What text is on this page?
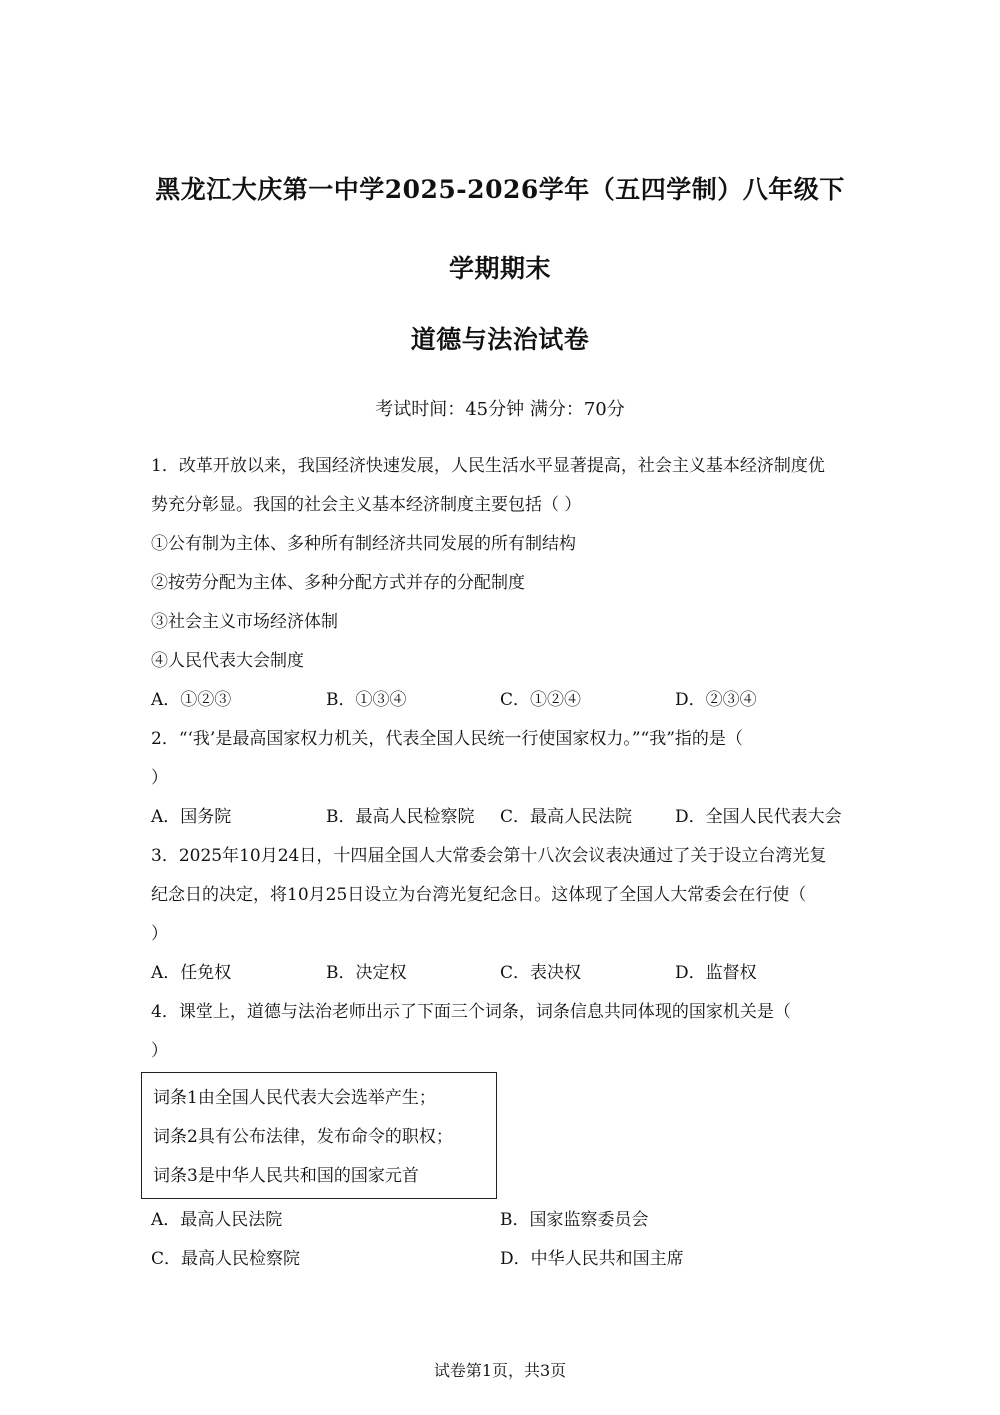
黑龙江大庆第一中学2025-2026学年（五四学制）八年级下
学期期末
道德与法治试卷
考试时间：45分钟 满分：70分
1．改革开放以来，我国经济快速发展，人民生活水平显著提高，社会主义基本经济制度优
势充分彰显。我国的社会主义基本经济制度主要包括（ ）
①公有制为主体、多种所有制经济共同发展的所有制结构
②按劳分配为主体、多种分配方式并存的分配制度
③社会主义市场经济体制
④人民代表大会制度
A．①②③	B．①③④	C．①②④	D．②③④
2．“‘我’是最高国家权力机关，代表全国人民统一行使国家权力。”“我”指的是（
）
A．国务院	B．最高人民检察院 C．最高人民法院	D．全国人民代表大会
3．2025年10月24日，十四届全国人大常委会第十八次会议表决通过了关于设立台湾光复
纪念日的决定，将10月25日设立为台湾光复纪念日。这体现了全国人大常委会在行使（
）
A．任免权	B．决定权	C．表决权	D．监督权
4．课堂上，道德与法治老师出示了下面三个词条，词条信息共同体现的国家机关是（
）
词条1由全国人民代表大会选举产生；
词条2具有公布法律，发布命令的职权；
词条3是中华人民共和国的国家元首
A．最高人民法院	B．国家监察委员会
C．最高人民检察院	D．中华人民共和国主席
试卷第1页，共3页
